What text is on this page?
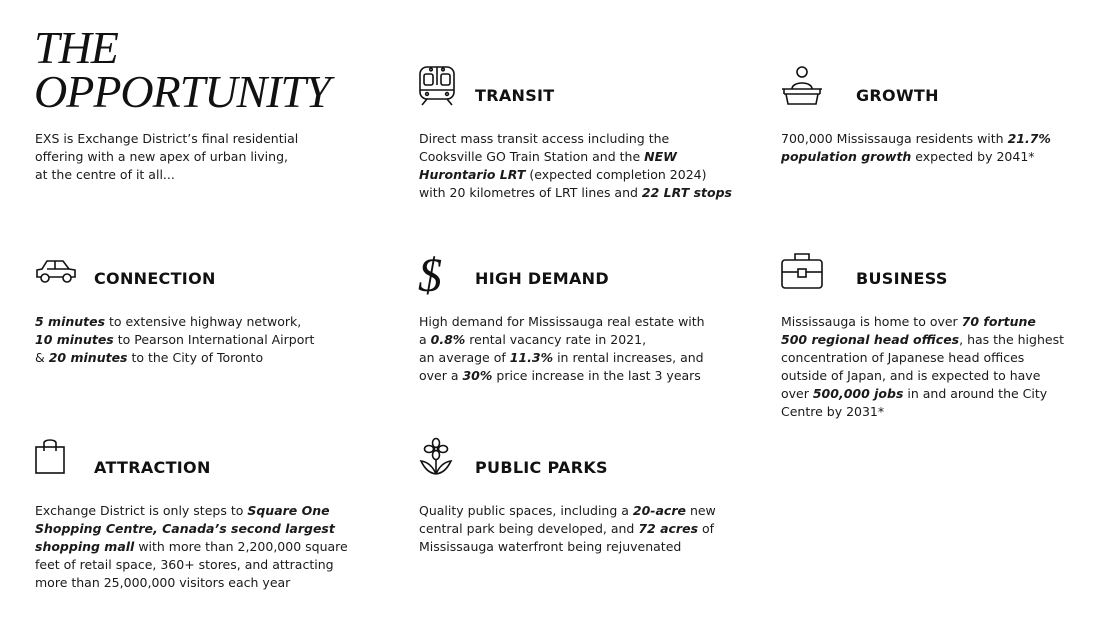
THE
OPPORTUNITY
EXS is Exchange District’s final residential
offering with a new apex of urban living,
at the centre of it all...
TRANSIT
Direct mass transit access including the
Cooksville GO Train Station and the NEW
Hurontario LRT (expected completion 2024)
with 20 kilometres of LRT lines and 22 LRT stops
GROWTH
700,000 Mississauga residents with 21.7%
population growth expected by 2041*
CONNECTION
5 minutes to extensive highway network,
10 minutes to Pearson International Airport
& 20 minutes to the City of Toronto
$ HIGH DEMAND
High demand for Mississauga real estate with
a 0.8% rental vacancy rate in 2021,
an average of 11.3% in rental increases, and
over a 30% price increase in the last 3 years
BUSINESS
Mississauga is home to over 70 fortune
500 regional head offices, has the highest
concentration of Japanese head offices
outside of Japan, and is expected to have
over 500,000 jobs in and around the City
Centre by 2031*
ATTRACTION
Exchange District is only steps to Square One
Shopping Centre, Canada’s second largest
shopping mall with more than 2,200,000 square
feet of retail space, 360+ stores, and attracting
more than 25,000,000 visitors each year
PUBLIC PARKS
Quality public spaces, including a 20-acre new
central park being developed, and 72 acres of
Mississauga waterfront being rejuvenated
